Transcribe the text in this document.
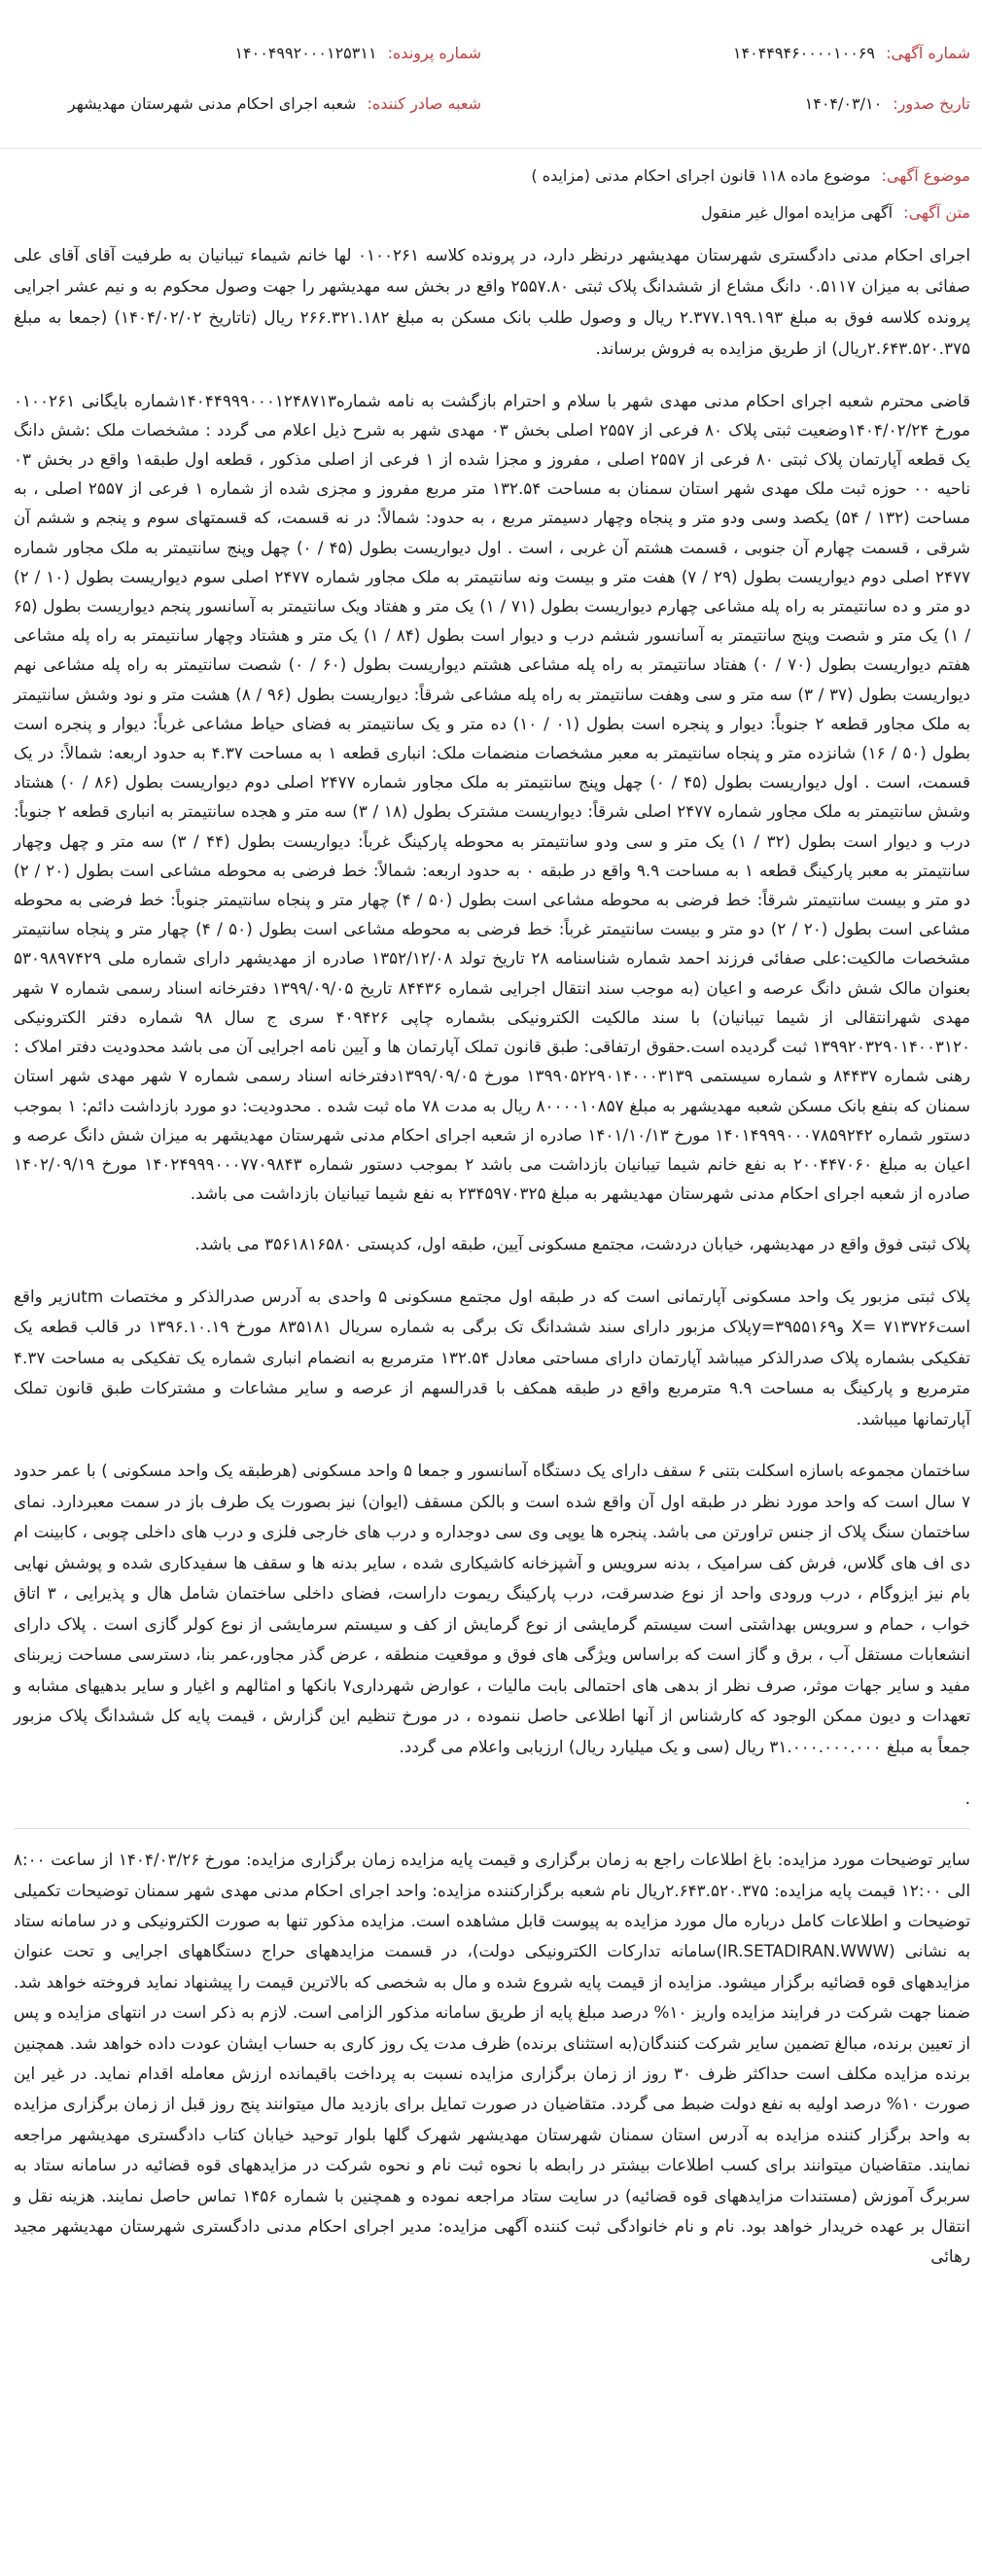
شماره آگهی: ۱۴۰۴۴۹۴۶۰۰۰۰۱۰۰۶۹
شماره پرونده: ۱۴۰۰۴۹۹۲۰۰۰۱۲۵۳۱۱
تاریخ صدور: ۱۴۰۴/۰۳/۱۰
شعبه صادر کننده: شعبه اجرای احکام مدنی شهرستان مهدیشهر
موضوع آگهی: موضوع ماده ۱۱۸ قانون اجرای احکام مدنی (مزایده )
متن آگهی: آگهی مزایده اموال غیر منقول

اجرای احکام مدنی دادگستری شهرستان مهدیشهر درنظر دارد، در پرونده کلاسه ۰۱۰۰۲۶۱ لها خانم شیماء تیبانیان به طرفیت آقای آقای علی صفائی به میزان ۰.۵۱۱۷ دانگ مشاع از ششدانگ پلاک ثبتی ۲۵۵۷.۸۰ واقع در بخش سه مهدیشهر را جهت وصول محکوم به و نیم عشر اجرایی پرونده کلاسه فوق به مبلغ ۲.۳۷۷.۱۹۹.۱۹۳ ریال و وصول طلب بانک مسکن به مبلغ ۲۶۶.۳۲۱.۱۸۲ ریال (تاتاریخ ۱۴۰۴/۰۲/۰۲) (جمعا به مبلغ ۲.۶۴۳.۵۲۰.۳۷۵ریال) از طریق مزایده به فروش برساند.

قاضی محترم شعبه اجرای احکام مدنی مهدی شهر با سلام و احترام بازگشت به نامه شماره۱۴۰۴۴۹۹۹۰۰۰۱۲۴۸۷۱۳شماره بایگانی ۰۱۰۰۲۶۱ مورخ ۱۴۰۴/۰۲/۲۴وضعیت ثبتی پلاک ۸۰ فرعی از ۲۵۵۷ اصلی بخش ۰۳ مهدی شهر به شرح ذیل اعلام می گردد : مشخصات ملک :شش دانگ یک قطعه آپارتمان پلاک ثبتی ۸۰ فرعی از ۲۵۵۷ اصلی ، مفروز و مجزا شده از ۱ فرعی از اصلی مذکور ، قطعه اول طبقه۱ واقع در بخش ۰۳ ناحیه ۰۰ حوزه ثبت ملک مهدی شهر استان سمنان به مساحت ۱۳۲.۵۴ متر مربع مفروز و مجزی شده از شماره ۱ فرعی از ۲۵۵۷ اصلی ، به مساحت (۱۳۲ / ۵۴) یکصد وسی ودو متر و پنجاه وچهار دسیمتر مربع ، به حدود: شمالاً: در نه قسمت، که قسمتهای سوم و پنجم و ششم آن شرقی ، قسمت چهارم آن جنوبی ، قسمت هشتم آن غربی ، است . اول دیواریست بطول (۴۵ / ۰) چهل وپنج سانتیمتر به ملک مجاور شماره ۲۴۷۷ اصلی دوم دیواریست بطول (۲۹ / ۷) هفت متر و بیست ونه سانتیمتر به ملک مجاور شماره ۲۴۷۷ اصلی سوم دیواریست بطول (۱۰ / ۲) دو متر و ده سانتیمتر به راه پله مشاعی چهارم دیواریست بطول (۷۱ / ۱) یک متر و هفتاد ویک سانتیمتر به آسانسور پنجم دیواریست بطول (۶۵ / ۱) یک متر و شصت وپنج سانتیمتر به آسانسور ششم درب و دیوار است بطول (۸۴ / ۱) یک متر و هشتاد وچهار سانتیمتر به راه پله مشاعی هفتم دیواریست بطول (۷۰ / ۰) هفتاد سانتیمتر به راه پله مشاعی هشتم دیواریست بطول (۶۰ / ۰) شصت سانتیمتر به راه پله مشاعی نهم دیواریست بطول (۳۷ / ۳) سه متر و سی وهفت سانتیمتر به راه پله مشاعی شرقاً: دیواریست بطول (۹۶ / ۸) هشت متر و نود وشش سانتیمتر به ملک مجاور قطعه ۲ جنوباً: دیوار و پنجره است بطول (۰۱ / ۱۰) ده متر و یک سانتیمتر به فضای حیاط مشاعی غرباً: دیوار و پنجره است بطول (۵۰ / ۱۶) شانزده متر و پنجاه سانتیمتر به معبر مشخصات منضمات ملک: انباری قطعه ۱ به مساحت ۴.۳۷ به حدود اربعه: شمالاً: در یک قسمت، است . اول دیواریست بطول (۴۵ / ۰) چهل وپنج سانتیمتر به ملک مجاور شماره ۲۴۷۷ اصلی دوم دیواریست بطول (۸۶ / ۰) هشتاد وشش سانتیمتر به ملک مجاور شماره ۲۴۷۷ اصلی شرقاً: دیواریست مشترک بطول (۱۸ / ۳) سه متر و هجده سانتیمتر به انباری قطعه ۲ جنوباً: درب و دیوار است بطول (۳۲ / ۱) یک متر و سی ودو سانتیمتر به محوطه پارکینگ غرباً: دیواریست بطول (۴۴ / ۳) سه متر و چهل وچهار سانتیمتر به معبر پارکینگ قطعه ۱ به مساحت ۹.۹ واقع در طبقه ۰ به حدود اربعه: شمالاً: خط فرضی به محوطه مشاعی است بطول (۲۰ / ۲) دو متر و بیست سانتیمتر شرقاً: خط فرضی به محوطه مشاعی است بطول (۵۰ / ۴) چهار متر و پنجاه سانتیمتر جنوباً: خط فرضی به محوطه مشاعی است بطول (۲۰ / ۲) دو متر و بیست سانتیمتر غرباً: خط فرضی به محوطه مشاعی است بطول (۵۰ / ۴) چهار متر و پنجاه سانتیمتر مشخصات مالکیت:علی صفائی فرزند احمد شماره شناسنامه ۲۸ تاریخ تولد ۱۳۵۲/۱۲/۰۸ صادره از مهدیشهر دارای شماره ملی ۵۳۰۹۸۹۷۴۲۹ بعنوان مالک شش دانگ عرصه و اعیان (به موجب سند انتقال اجرایی شماره ۸۴۴۳۶ تاریخ ۱۳۹۹/۰۹/۰۵ دفترخانه اسناد رسمی شماره ۷ شهر مهدی شهرانتقالی از شیما تیبانیان) با سند مالکیت الکترونیکی بشماره چاپی ۴۰۹۴۲۶ سری ج سال ۹۸ شماره دفتر الکترونیکی ۱۳۹۹۲۰۳۲۹۰۱۴۰۰۳۱۲۰ ثبت گردیده است.حقوق ارتفاقی: طبق قانون تملک آپارتمان ها و آیین نامه اجرایی آن می باشد محدودیت دفتر املاک : رهنی شماره ۸۴۴۳۷ و شماره سیستمی ۱۳۹۹۰۵۲۲۹۰۱۴۰۰۰۳۱۳۹ مورخ ۱۳۹۹/۰۹/۰۵دفترخانه اسناد رسمی شماره ۷ شهر مهدی شهر استان سمنان که بنفع بانک مسکن شعبه مهدیشهر به مبلغ ۸۰۰۰۰۱۰۸۵۷ ریال به مدت ۷۸ ماه ثبت شده . محدودیت: دو مورد بازداشت دائم: ۱ بموجب دستور شماره ۱۴۰۱۴۹۹۹۰۰۰۷۸۵۹۲۴۲ مورخ ۱۴۰۱/۱۰/۱۳ صادره از شعبه اجرای احکام مدنی شهرستان مهدیشهر به میزان شش دانگ عرصه و اعیان به مبلغ ۲۰۰۴۴۷۰۶۰ به نفع خانم شیما تیبانیان بازداشت می باشد ۲ بموجب دستور شماره ۱۴۰۲۴۹۹۹۰۰۰۷۷۰۹۸۴۳ مورخ ۱۴۰۲/۰۹/۱۹ صادره از شعبه اجرای احکام مدنی شهرستان مهدیشهر به مبلغ ۲۳۴۵۹۷۰۳۲۵ به نفع شیما تیبانیان بازداشت می باشد.

پلاک ثبتی فوق واقع در مهدیشهر، خیابان دردشت، مجتمع مسکونی آیین، طبقه اول، کدپستی ۳۵۶۱۸۱۶۵۸۰ می باشد.

پلاک ثبتی مزبور یک واحد مسکونی آپارتمانی است که در طبقه اول مجتمع مسکونی ۵ واحدی به آدرس صدرالذکر و مختصات utmزیر واقع است۷۱۳۷۲۶ =X وy=۳۹۵۵۱۶۹پلاک مزبور دارای سند ششدانگ تک برگی به شماره سریال ۸۳۵۱۸۱ مورخ ۱۳۹۶.۱۰.۱۹ در قالب قطعه یک تفکیکی بشماره پلاک صدرالذکر میباشد آپارتمان دارای مساحتی معادل ۱۳۲.۵۴ مترمربع به انضمام انباری شماره یک تفکیکی به مساحت ۴.۳۷ مترمربع و پارکینگ به مساحت ۹.۹ مترمربع واقع در طبقه همکف با قدرالسهم از عرصه و سایر مشاعات و مشترکات طبق قانون تملک آپارتمانها میباشد.

ساختمان مجموعه باسازه اسکلت بتنی ۶ سقف دارای یک دستگاه آسانسور و جمعا ۵ واحد مسکونی (هرطبقه یک واحد مسکونی ) با عمر حدود ۷ سال است که واحد مورد نظر در طبقه اول آن واقع شده است و بالکن مسقف (ایوان) نیز بصورت یک طرف باز در سمت معبردارد. نمای ساختمان سنگ پلاک از جنس تراورتن می باشد. پنجره ها یوپی وی سی دوجداره و درب های خارجی فلزی و درب های داخلی چوبی ، کابینت ام دی اف های گلاس، فرش کف سرامیک ، بدنه سرویس و آشپزخانه کاشیکاری شده ، سایر بدنه ها و سقف ها سفیدکاری شده و پوشش نهایی بام نیز ایزوگام ، درب ورودی واحد از نوع ضدسرقت، درب پارکینگ ریموت داراست، فضای داخلی ساختمان شامل هال و پذیرایی ، ۳ اتاق خواب ، حمام و سرویس بهداشتی است سیستم گرمایشی از نوع گرمایش از کف و سیستم سرمایشی از نوع کولر گازی است . پلاک دارای انشعابات مستقل آب ، برق و گاز است که براساس ویژگی های فوق و موقعیت منطقه ، عرض گذر مجاور،عمر بنا، دسترسی مساحت زیربنای مفید و سایر جهات موثر، صرف نظر از بدهی های احتمالی بابت مالیات ، عوارض شهرداری۷ بانکها و امثالهم و اغیار و سایر بدهیهای مشابه و تعهدات و دیون ممکن الوجود که کارشناس از آنها اطلاعی حاصل ننموده ، در مورخ تنظیم این گزارش ، قیمت پایه کل ششدانگ پلاک مزبور جمعاً به مبلغ ۳۱.۰۰۰.۰۰۰.۰۰۰ ریال (سی و یک میلیارد ریال) ارزیابی واعلام می گردد.

.

سایر توضیحات مورد مزایده: باغ اطلاعات راجع به زمان برگزاری و قیمت پایه مزایده زمان برگزاری مزایده: مورخ ۱۴۰۴/۰۳/۲۶ از ساعت ۸:۰۰ الی ۱۲:۰۰ قیمت پایه مزایده: ۲.۶۴۳.۵۲۰.۳۷۵ریال نام شعبه برگزارکننده مزایده: واحد اجرای احکام مدنی مهدی شهر سمنان توضیحات تکمیلی توضیحات و اطلاعات کامل درباره مال مورد مزایده به پیوست قابل مشاهده است. مزایده مذکور تنها به صورت الکترونیکی و در سامانه ستاد به نشانی (IR.SETADIRAN.WWW)سامانه تدارکات الکترونیکی دولت)، در قسمت مزایدههای حراج دستگاههای اجرایی و تحت عنوان مزایدههای قوه قضائیه برگزار میشود. مزایده از قیمت پایه شروع شده و مال به شخصی که بالاترین قیمت را پیشنهاد نماید فروخته خواهد شد. ضمنا جهت شرکت در فرایند مزایده واریز ۱۰% درصد مبلغ پایه از طریق سامانه مذکور الزامی است. لازم به ذکر است در انتهای مزایده و پس از تعیین برنده، مبالغ تضمین سایر شرکت کنندگان(به استثنای برنده) ظرف مدت یک روز کاری به حساب ایشان عودت داده خواهد شد. همچنین برنده مزایده مکلف است حداکثر ظرف ۳۰ روز از زمان برگزاری مزایده نسبت به پرداخت باقیمانده ارزش معامله اقدام نماید. در غیر این صورت ۱۰% درصد اولیه به نفع دولت ضبط می گردد. متقاضیان در صورت تمایل برای بازدید مال میتوانند پنج روز قبل از زمان برگزاری مزایده به واحد برگزار کننده مزایده به آدرس استان سمنان شهرستان مهدیشهر شهرک گلها بلوار توحید خیابان کتاب دادگستری مهدیشهر مراجعه نمایند. متقاضیان میتوانند برای کسب اطلاعات بیشتر در رابطه با نحوه ثبت نام و نحوه شرکت در مزایدههای قوه قضائیه در سامانه ستاد به سربرگ آموزش (مستندات مزایدههای قوه قضائیه) در سایت ستاد مراجعه نموده و همچنین با شماره ۱۴۵۶ تماس حاصل نمایند. هزینه نقل و انتقال بر عهده خریدار خواهد بود. نام و نام خانوادگی ثبت کننده آگهی مزایده: مدیر اجرای احکام مدنی دادگستری شهرستان مهدیشهر مجید رهائی
